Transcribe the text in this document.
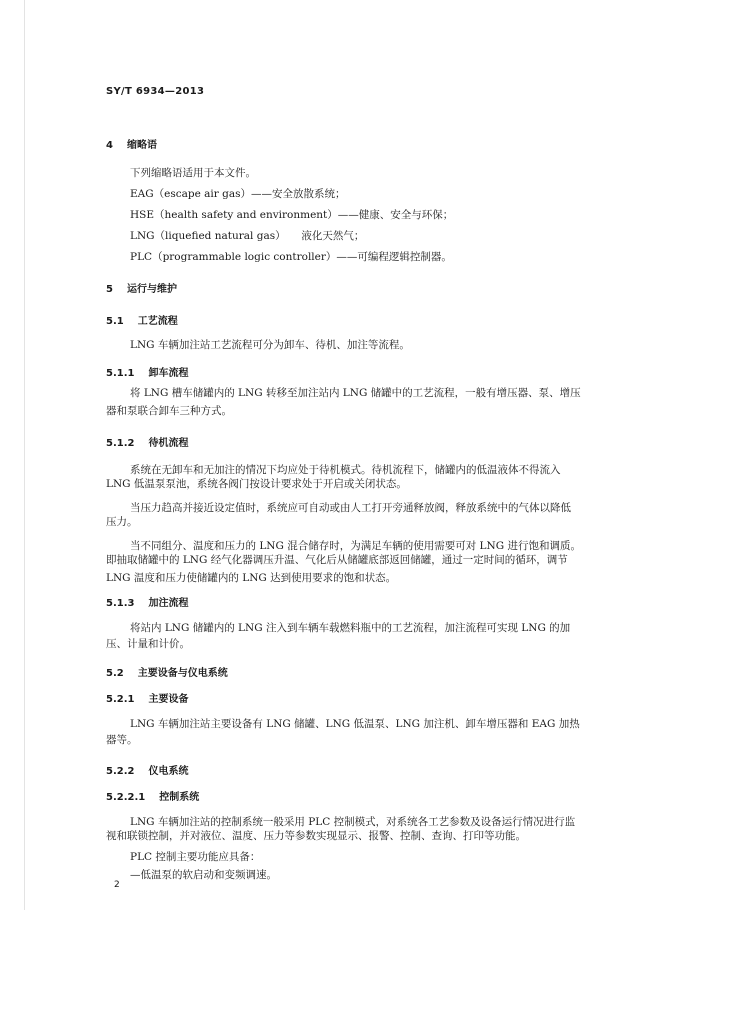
SY/T 6934—2013
4 缩略语
下列缩略语适用于本文件。
EAG（escape air gas）——安全放散系统；
HSE（health safety and environment）——健康、安全与环保；
LNG（liquefied natural gas）　　液化天然气；
PLC（programmable logic controller）——可编程逻辑控制器。
5 运行与维护
5.1 工艺流程
LNG 车辆加注站工艺流程可分为卸车、待机、加注等流程。
5.1.1 卸车流程
将 LNG 槽车储罐内的 LNG 转移至加注站内 LNG 储罐中的工艺流程，一般有增压器、泵、增压
器和泵联合卸车三种方式。
5.1.2 待机流程
系统在无卸车和无加注的情况下均应处于待机模式。待机流程下，储罐内的低温液体不得流入
LNG 低温泵泵池，系统各阀门按设计要求处于开启或关闭状态。
当压力趋高并接近设定值时，系统应可自动或由人工打开旁通释放阀，释放系统中的气体以降低
压力。
当不同组分、温度和压力的 LNG 混合储存时，为满足车辆的使用需要可对 LNG 进行饱和调质。
即抽取储罐中的 LNG 经气化器调压升温、气化后从储罐底部返回储罐，通过一定时间的循环，调节
LNG 温度和压力使储罐内的 LNG 达到使用要求的饱和状态。
5.1.3 加注流程
将站内 LNG 储罐内的 LNG 注入到车辆车载燃料瓶中的工艺流程，加注流程可实现 LNG 的加
压、计量和计价。
5.2 主要设备与仪电系统
5.2.1 主要设备
LNG 车辆加注站主要设备有 LNG 储罐、LNG 低温泵、LNG 加注机、卸车增压器和 EAG 加热
器等。
5.2.2 仪电系统
5.2.2.1 控制系统
LNG 车辆加注站的控制系统一般采用 PLC 控制模式，对系统各工艺参数及设备运行情况进行监
视和联锁控制，并对液位、温度、压力等参数实现显示、报警、控制、查询、打印等功能。
PLC 控制主要功能应具备：
—低温泵的软启动和变频调速。
2
